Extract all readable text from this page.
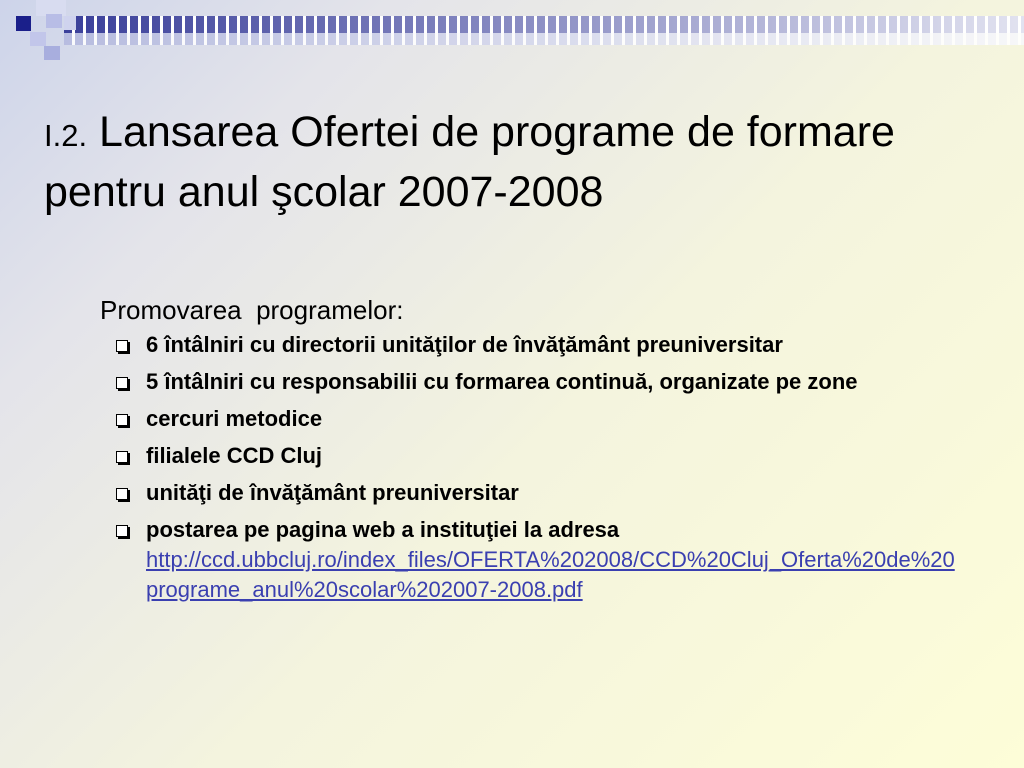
I.2. Lansarea Ofertei de programe de formare pentru anul şcolar 2007-2008
Promovarea  programelor:
6 întâlniri cu directorii unităţilor de învăţământ preuniversitar
5 întâlniri cu responsabilii cu formarea continuă, organizate pe zone
cercuri metodice
filialele CCD Cluj
unităţi de învăţământ preuniversitar
postarea pe pagina web a instituţiei la adresa
http://ccd.ubbcluj.ro/index_files/OFERTA%202008/CCD%20Cluj_Oferta%20de%20programe_anul%20scolar%202007-2008.pdf
